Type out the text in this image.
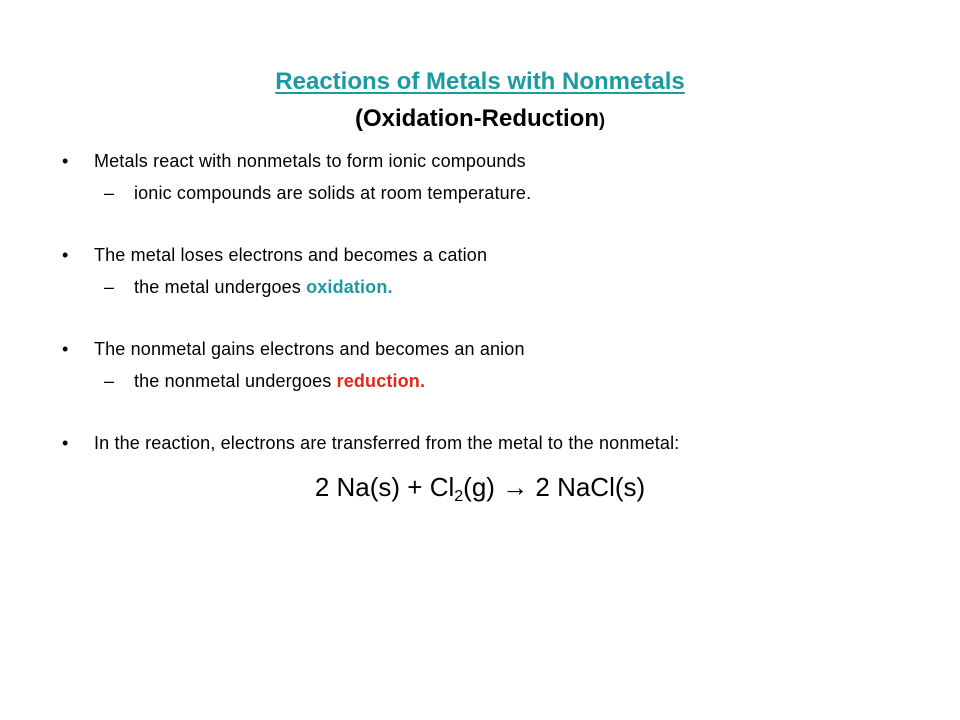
Reactions of Metals with Nonmetals
(Oxidation-Reduction)
• Metals react with nonmetals to form ionic compounds
– ionic compounds are solids at room temperature.
• The metal loses electrons and becomes a cation
– the metal undergoes oxidation.
• The nonmetal gains electrons and becomes an anion
– the nonmetal undergoes reduction.
• In the reaction, electrons are transferred from the metal to the nonmetal:
2 $Na(s) + Cl_2(g) \to 2$ NaCl(s)
